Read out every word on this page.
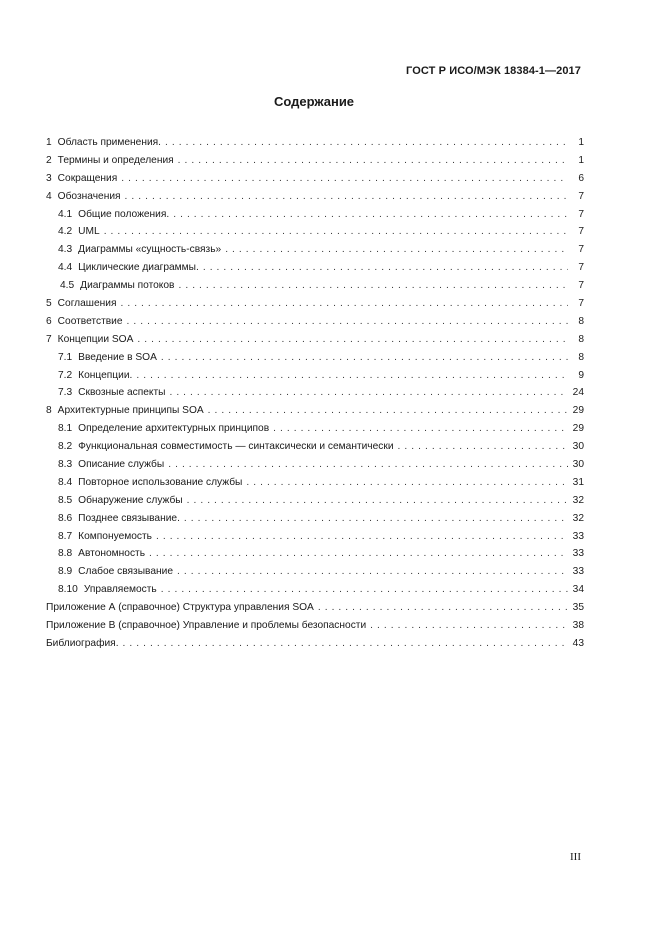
ГОСТ Р ИСО/МЭК 18384-1—2017
Содержание
1 Область применения. . . .	1
2 Термины и определения . . .	1
3 Сокращения . . .	6
4 Обозначения . . .	7
4.1 Общие положения. . . .	7
4.2 UML . . .	7
4.3 Диаграммы «сущность-связь» . . .	7
4.4 Циклические диаграммы. . . .	7
4.5 Диаграммы потоков . . .	7
5 Соглашения . . .	7
6 Соответствие . . .	8
7 Концепции SOA . . .	8
7.1 Введение в SOA . . .	8
7.2 Концепции. . . .	9
7.3 Сквозные аспекты . . .	24
8 Архитектурные принципы SOA . . .	29
8.1 Определение архитектурных принципов . . .	29
8.2 Функциональная совместимость — синтаксически и семантически . . .	30
8.3 Описание службы . . .	30
8.4 Повторное использование службы . . .	31
8.5 Обнаружение службы . . .	32
8.6 Позднее связывание. . . .	32
8.7 Компонуемость . . .	33
8.8 Автономность . . .	33
8.9 Слабое связывание . . .	33
8.10 Управляемость . . .	34
Приложение А (справочное) Структура управления SOA . . .	35
Приложение В (справочное) Управление и проблемы безопасности . . .	38
Библиография. . . .	43
III
